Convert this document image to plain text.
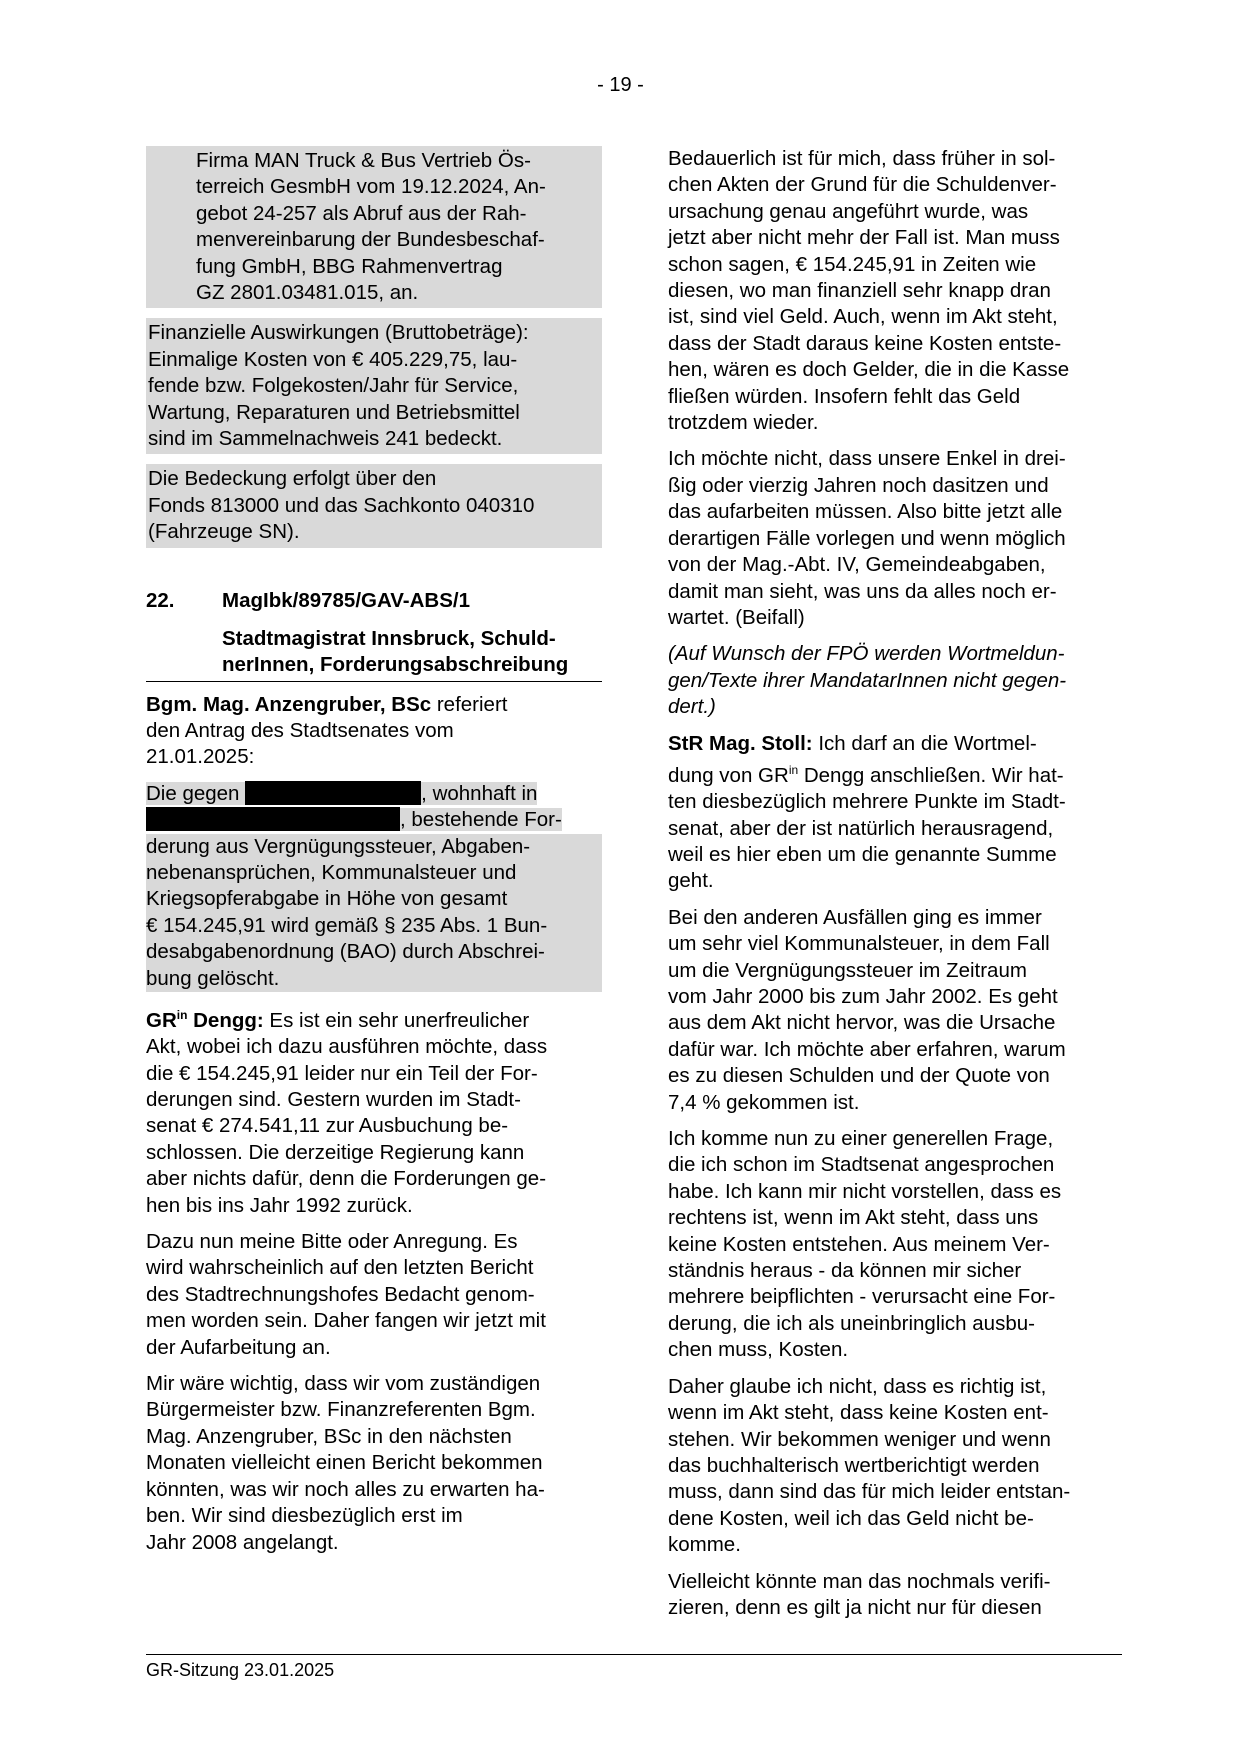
- 19 -
Firma MAN Truck & Bus Vertrieb Ös-
terreich GesmbH vom 19.12.2024, An-
gebot 24-257 als Abruf aus der Rah-
menvereinbarung der Bundesbeschaf-
fung GmbH, BBG Rahmenvertrag
GZ 2801.03481.015, an.
Finanzielle Auswirkungen (Bruttobeträge):
Einmalige Kosten von € 405.229,75, lau-
fende bzw. Folgekosten/Jahr für Service,
Wartung, Reparaturen und Betriebsmittel
sind im Sammelnachweis 241 bedeckt.
Die Bedeckung erfolgt über den
Fonds 813000 und das Sachkonto 040310
(Fahrzeuge SN).
22. MagIbk/89785/GAV-ABS/1
Stadtmagistrat Innsbruck, Schuld-
nerInnen, Forderungsabschreibung
Bgm. Mag. Anzengruber, BSc referiert
den Antrag des Stadtsenates vom
21.01.2025:
Die gegen	, wohnhaft in
, bestehende For-
derung aus Vergnügungssteuer, Abgaben-
nebenansprüchen, Kommunalsteuer und
Kriegsopferabgabe in Höhe von gesamt
€ 154.245,91 wird gemäß § 235 Abs. 1 Bun-
desabgabenordnung (BAO) durch Abschrei-
bung gelöscht.
$GR^{in}$ Dengg: Es ist ein sehr unerfreulicher
Akt, wobei ich dazu ausführen möchte, dass
die € 154.245,91 leider nur ein Teil der For-
derungen sind. Gestern wurden im Stadt-
senat € 274.541,11 zur Ausbuchung be-
schlossen. Die derzeitige Regierung kann
aber nichts dafür, denn die Forderungen ge-
hen bis ins Jahr 1992 zurück.
Dazu nun meine Bitte oder Anregung. Es
wird wahrscheinlich auf den letzten Bericht
des Stadtrechnungshofes Bedacht genom-
men worden sein. Daher fangen wir jetzt mit
der Aufarbeitung an.
Mir wäre wichtig, dass wir vom zuständigen
Bürgermeister bzw. Finanzreferenten Bgm.
Mag. Anzengruber, BSc in den nächsten
Monaten vielleicht einen Bericht bekommen
könnten, was wir noch alles zu erwarten ha-
ben. Wir sind diesbezüglich erst im
Jahr 2008 angelangt.
Bedauerlich ist für mich, dass früher in sol-
chen Akten der Grund für die Schuldenver-
ursachung genau angeführt wurde, was
jetzt aber nicht mehr der Fall ist. Man muss
schon sagen, € 154.245,91 in Zeiten wie
diesen, wo man finanziell sehr knapp dran
ist, sind viel Geld. Auch, wenn im Akt steht,
dass der Stadt daraus keine Kosten entste-
hen, wären es doch Gelder, die in die Kasse
fließen würden. Insofern fehlt das Geld
trotzdem wieder.
Ich möchte nicht, dass unsere Enkel in drei-
ßig oder vierzig Jahren noch dasitzen und
das aufarbeiten müssen. Also bitte jetzt alle
derartigen Fälle vorlegen und wenn möglich
von der Mag.-Abt. IV, Gemeindeabgaben,
damit man sieht, was uns da alles noch er-
wartet. (Beifall)
(Auf Wunsch der FPÖ werden Wortmeldun-
gen/Texte ihrer MandatarInnen nicht gegen-
dert.)
StR Mag. Stoll: Ich darf an die Wortmel-
dung von $GR^{in}$ Dengg anschließen. Wir hat-
ten diesbezüglich mehrere Punkte im Stadt-
senat, aber der ist natürlich herausragend,
weil es hier eben um die genannte Summe
geht.
Bei den anderen Ausfällen ging es immer
um sehr viel Kommunalsteuer, in dem Fall
um die Vergnügungssteuer im Zeitraum
vom Jahr 2000 bis zum Jahr 2002. Es geht
aus dem Akt nicht hervor, was die Ursache
dafür war. Ich möchte aber erfahren, warum
es zu diesen Schulden und der Quote von
7,4 % gekommen ist.
Ich komme nun zu einer generellen Frage,
die ich schon im Stadtsenat angesprochen
habe. Ich kann mir nicht vorstellen, dass es
rechtens ist, wenn im Akt steht, dass uns
keine Kosten entstehen. Aus meinem Ver-
ständnis heraus - da können mir sicher
mehrere beipflichten - verursacht eine For-
derung, die ich als uneinbringlich ausbu-
chen muss, Kosten.
Daher glaube ich nicht, dass es richtig ist,
wenn im Akt steht, dass keine Kosten ent-
stehen. Wir bekommen weniger und wenn
das buchhalterisch wertberichtigt werden
muss, dann sind das für mich leider entstan-
dene Kosten, weil ich das Geld nicht be-
komme.
Vielleicht könnte man das nochmals verifi-
zieren, denn es gilt ja nicht nur für diesen
GR-Sitzung 23.01.2025
